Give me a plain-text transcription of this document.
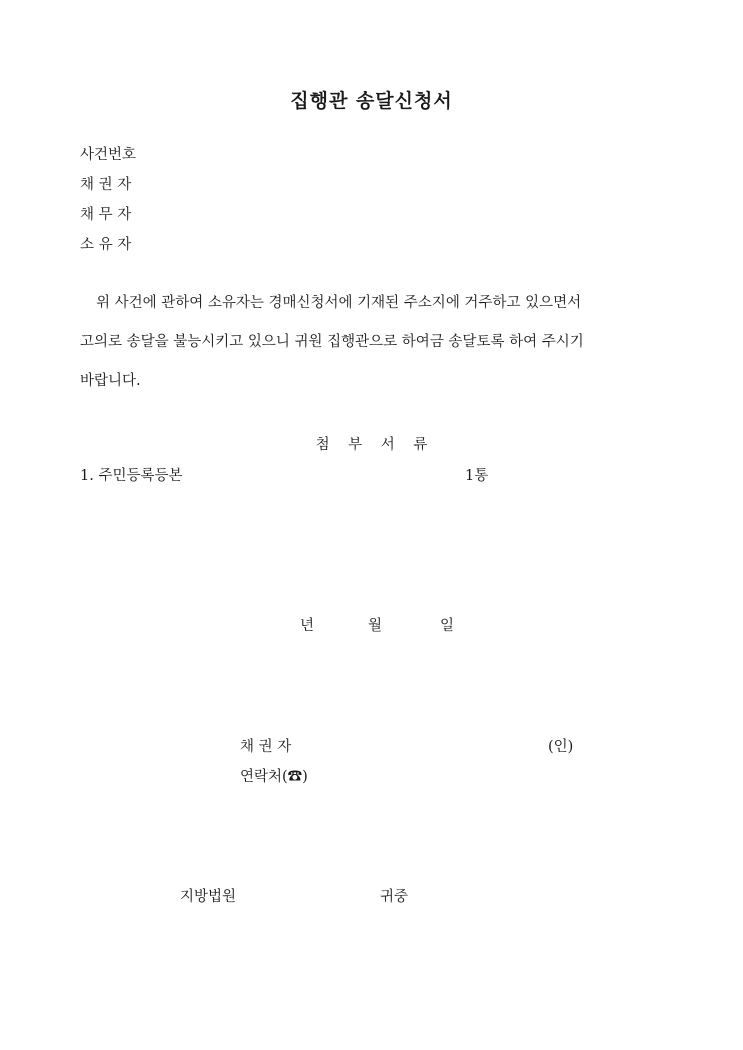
집행관 송달신청서
사건번호
채 권 자
채 무 자
소 유 자
위 사건에 관하여 소유자는 경매신청서에 기재된 주소지에 거주하고 있으면서
고의로 송달을 불능시키고 있으니 귀원 집행관으로 하여금 송달토록 하여 주시기
바랍니다.
첨 부 서 류
1. 주민등록등본	1통
년	월	일
채 권 자	(인)
연락처(☎)
지방법원	귀중
